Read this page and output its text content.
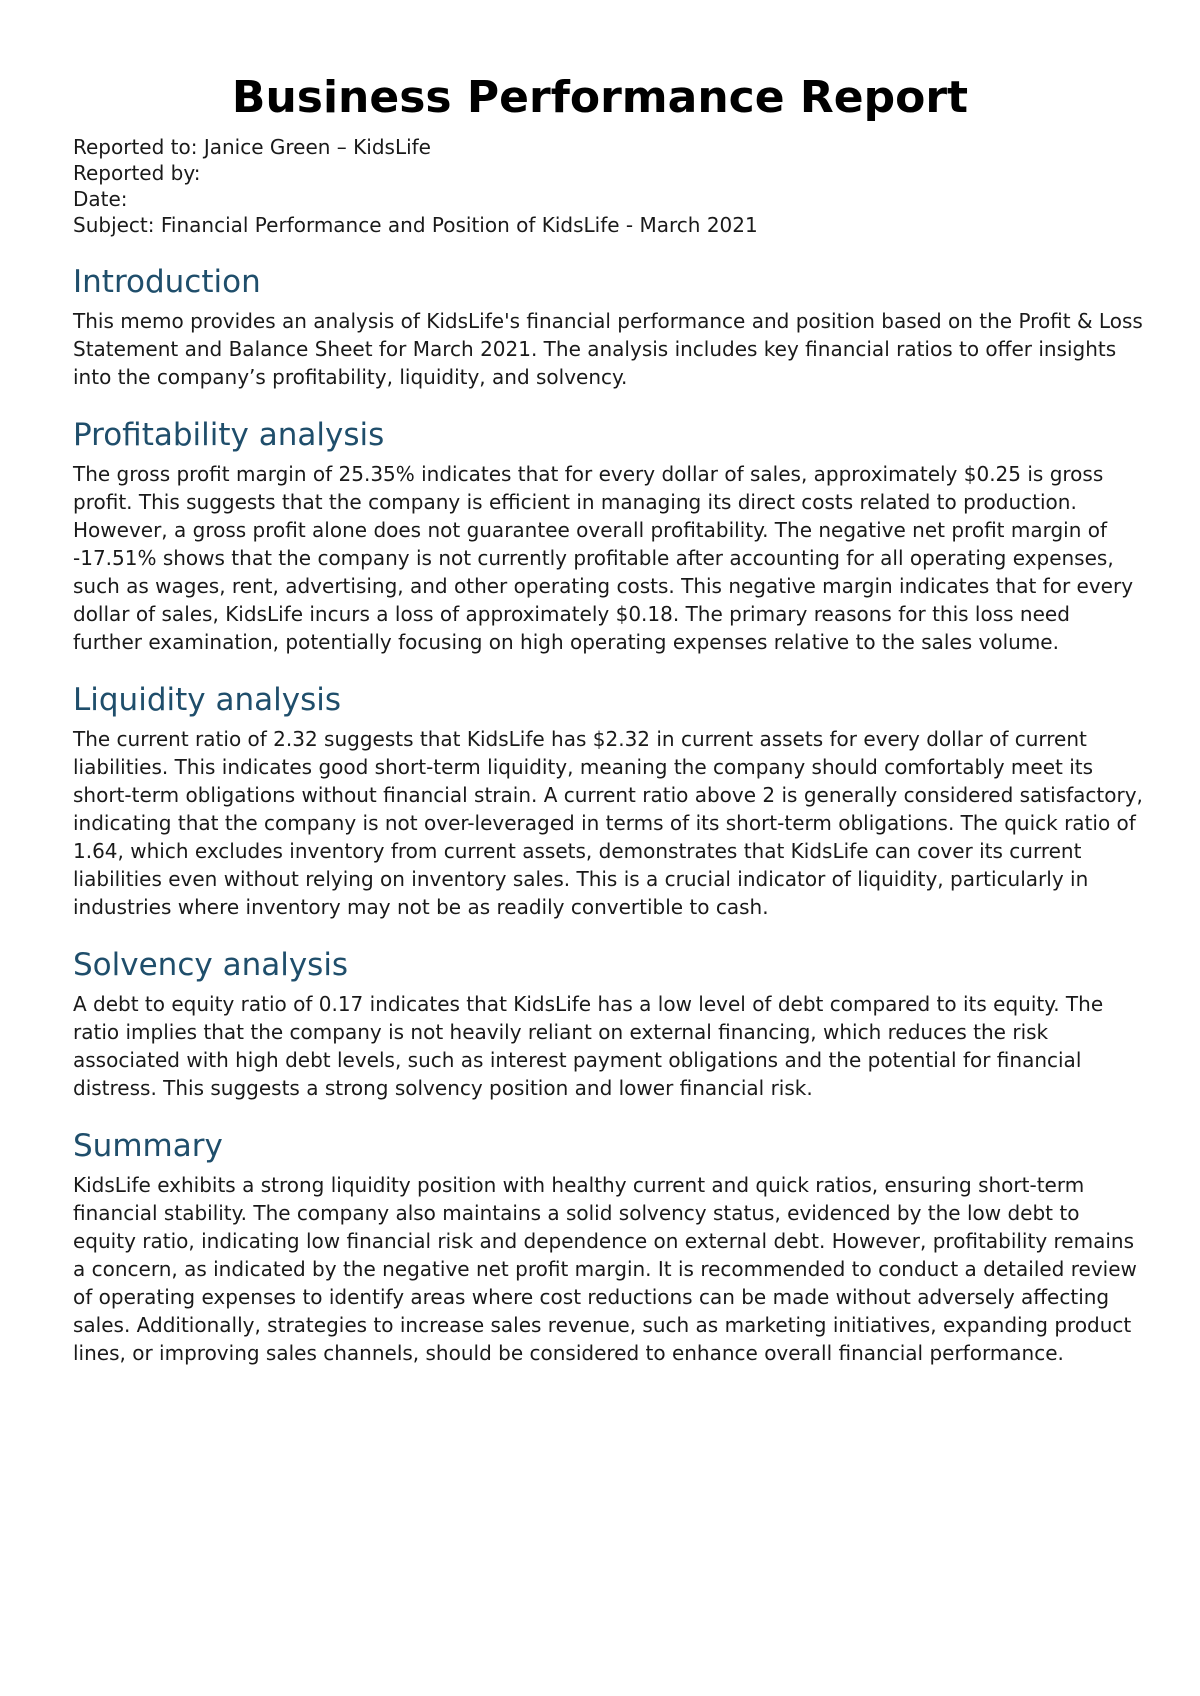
Business Performance Report

Reported to: Janice Green – KidsLife

Reported by:

Date:

Subject: Financial Performance and Position of KidsLife - March 2021

Introduction

This memo provides an analysis of KidsLife's financial performance and position based on the Profit & Loss Statement and Balance Sheet for March 2021. The analysis includes key financial ratios to offer insights into the company’s profitability, liquidity, and solvency.

Profitability analysis

The gross profit margin of 25.35% indicates that for every dollar of sales, approximately $0.25 is gross profit. This suggests that the company is efficient in managing its direct costs related to production. However, a gross profit alone does not guarantee overall profitability. The negative net profit margin of -17.51% shows that the company is not currently profitable after accounting for all operating expenses, such as wages, rent, advertising, and other operating costs. This negative margin indicates that for every dollar of sales, KidsLife incurs a loss of approximately $0.18. The primary reasons for this loss need further examination, potentially focusing on high operating expenses relative to the sales volume.

Liquidity analysis

The current ratio of 2.32 suggests that KidsLife has $2.32 in current assets for every dollar of current liabilities. This indicates good short-term liquidity, meaning the company should comfortably meet its short-term obligations without financial strain. A current ratio above 2 is generally considered satisfactory, indicating that the company is not over-leveraged in terms of its short-term obligations. The quick ratio of 1.64, which excludes inventory from current assets, demonstrates that KidsLife can cover its current liabilities even without relying on inventory sales. This is a crucial indicator of liquidity, particularly in industries where inventory may not be as readily convertible to cash.

Solvency analysis

A debt to equity ratio of 0.17 indicates that KidsLife has a low level of debt compared to its equity. The ratio implies that the company is not heavily reliant on external financing, which reduces the risk associated with high debt levels, such as interest payment obligations and the potential for financial distress. This suggests a strong solvency position and lower financial risk.

Summary

KidsLife exhibits a strong liquidity position with healthy current and quick ratios, ensuring short-term financial stability. The company also maintains a solid solvency status, evidenced by the low debt to equity ratio, indicating low financial risk and dependence on external debt. However, profitability remains a concern, as indicated by the negative net profit margin. It is recommended to conduct a detailed review of operating expenses to identify areas where cost reductions can be made without adversely affecting sales. Additionally, strategies to increase sales revenue, such as marketing initiatives, expanding product lines, or improving sales channels, should be considered to enhance overall financial performance.
